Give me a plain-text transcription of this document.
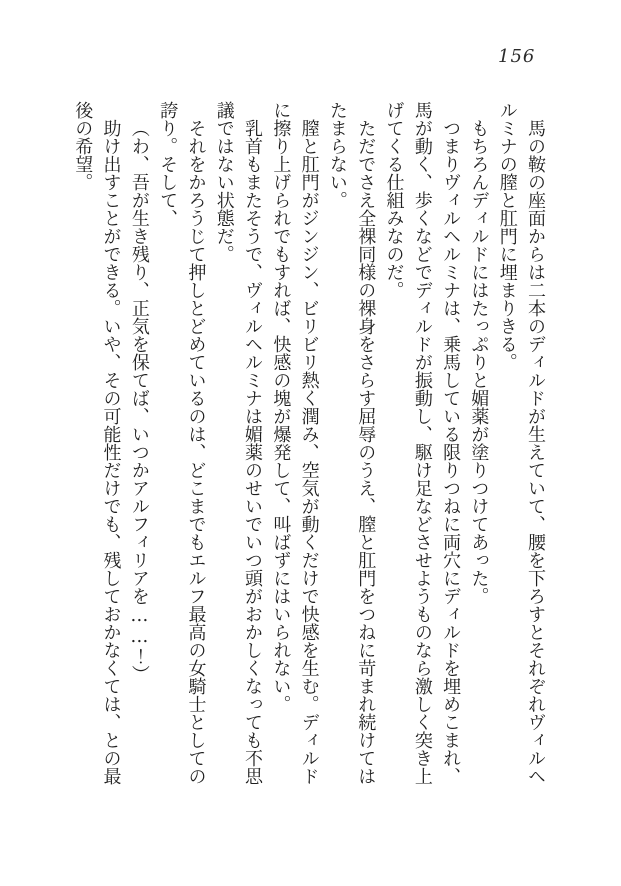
156
馬の鞍の座面からは二本のディルドが生えていて、腰を下ろすとそれぞれヴィルヘ
ルミナの膣と肛門に埋まりきる。
もちろんディルドにはたっぷりと媚薬が塗りつけてあった。
つまりヴィルヘルミナは、乗馬している限りつねに両穴にディルドを埋めこまれ、
馬が動く、歩くなどでディルドが振動し、駆け足などさせようものなら激しく突き上
げてくる仕組みなのだ。
ただでさえ全裸同様の裸身をさらす屈辱のうえ、膣と肛門をつねに苛まれ続けては
たまらない。
膣と肛門がジンジン、ビリビリ熱く潤み、空気が動くだけで快感を生む。ディルド
に擦り上げられでもすれば、快感の塊が爆発して、叫ばずにはいられない。
乳首もまたそうで、ヴィルヘルミナは媚薬のせいでいつ頭がおかしくなっても不思
議ではない状態だ。
それをかろうじて押しとどめているのは、どこまでもエルフ最高の女騎士としての
誇り。そして、
（わ、吾が生き残り、正気を保てば、いつかアルフィリアを……！）
助け出すことができる。いや、その可能性だけでも、残しておかなくては、との最
後の希望。
